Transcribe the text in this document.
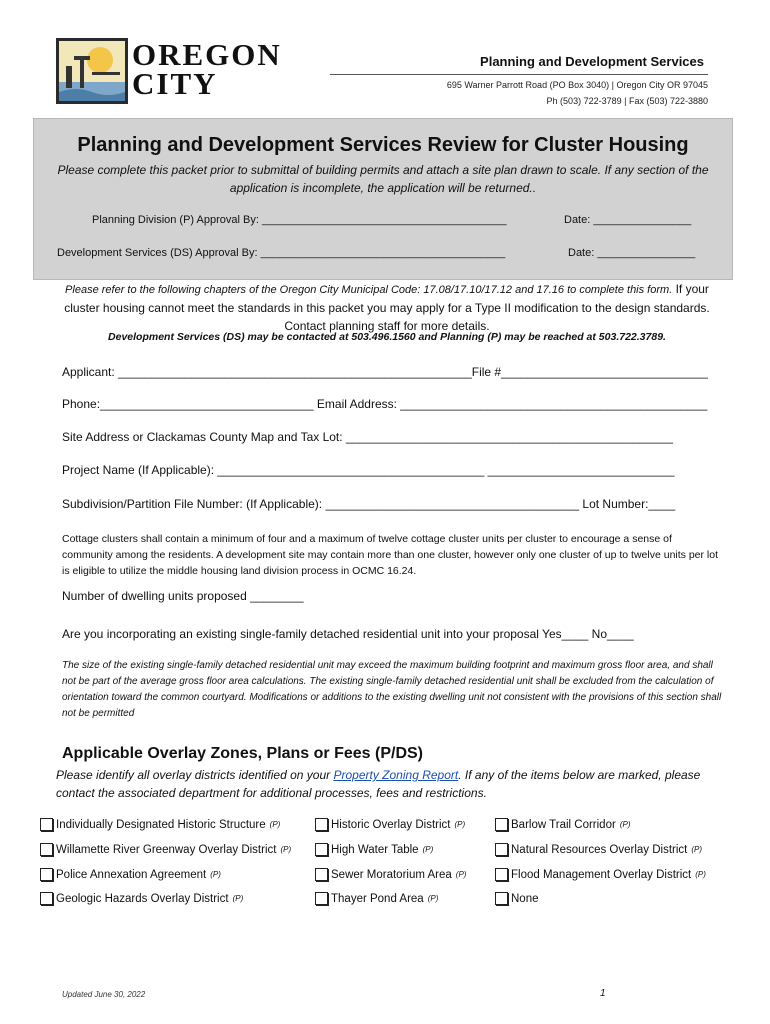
OREGON
CITY
Planning and Development Services
695 Warner Parrott Road (PO Box 3040) | Oregon City OR 97045
Ph (503) 722-3789 | Fax (503) 722-3880
Planning and Development Services Review for Cluster Housing
Please complete this packet prior to submittal of building permits and attach a site plan drawn to scale. If any section of the application is incomplete, the application will be returned..
Planning Division (P) Approval By: ________________________________________	Date: ________________
Development Services (DS) Approval By: ________________________________________	Date: ________________
Please refer to the following chapters of the Oregon City Municipal Code: 17.08/17.10/17.12 and 17.16 to complete this form. If your cluster housing cannot meet the standards in this packet you may apply for a Type II modification to the design standards. Contact planning staff for more details.
Development Services (DS) may be contacted at 503.496.1560 and Planning (P) may be reached at 503.722.3789.
Applicant: _____________________________________________________File #_______________________________
Phone:________________________________ Email Address: ______________________________________________
Site Address or Clackamas County Map and Tax Lot: _________________________________________________
Project Name (If Applicable): ________________________________________ ____________________________
Subdivision/Partition File Number: (If Applicable): ______________________________________ Lot Number:____
Cottage clusters shall contain a minimum of four and a maximum of twelve cottage cluster units per cluster to encourage a sense of community among the residents. A development site may contain more than one cluster, however only one cluster of up to twelve units per lot is eligible to utilize the middle housing land division process in OCMC 16.24.
Number of dwelling units proposed ________
Are you incorporating an existing single-family detached residential unit into your proposal Yes____ No____
The size of the existing single-family detached residential unit may exceed the maximum building footprint and maximum gross floor area, and shall not be part of the average gross floor area calculations. The existing single-family detached residential unit shall be excluded from the calculation of orientation toward the common courtyard. Modifications or additions to the existing dwelling unit not consistent with the provisions of this section shall not be permitted
Applicable Overlay Zones, Plans or Fees (P/DS)
Please identify all overlay districts identified on your Property Zoning Report. If any of the items below are marked, please contact the associated department for additional processes, fees and restrictions.
Individually Designated Historic Structure (P)	Historic Overlay District (P)	Barlow Trail Corridor (P)
Willamette River Greenway Overlay District (P)	High Water Table (P)	Natural Resources Overlay District (P)
Police Annexation Agreement (P)	Sewer Moratorium Area (P)	Flood Management Overlay District (P)
Geologic Hazards Overlay District (P)	Thayer Pond Area (P)	None
Updated June 30, 2022	1
